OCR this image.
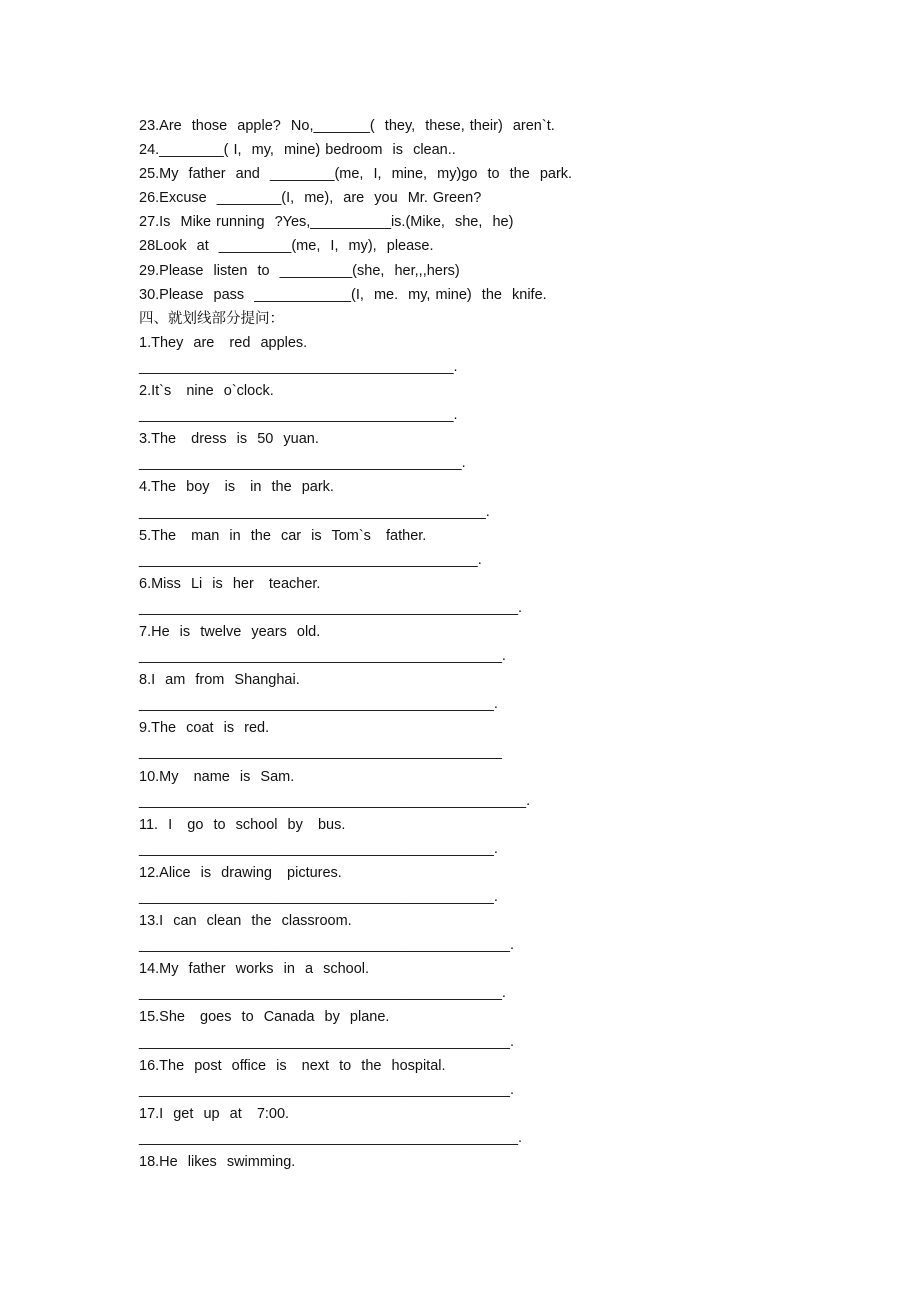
23.Are  those  apple?  No,_______(  they,  these, their)  aren`t.
24.________( I,  my,  mine) bedroom  is  clean..
25.My  father  and  ________(me,  I,  mine,  my)go  to  the  park.
26.Excuse  ________(I,  me),  are  you  Mr. Green?
27.Is  Mike running  ?Yes,__________is.(Mike,  she,  he)
28Look  at  _________(me,  I,  my),  please.
29.Please  listen  to  _________(she,  her,,,hers)
30.Please  pass  ____________(I,  me.  my, mine)  the  knife.
四、就划线部分提问：
1.They  are   red  apples.
_______________________________________.
2.It`s   nine  o`clock.
_______________________________________.
3.The   dress  is  50  yuan.
________________________________________.
4.The  boy   is   in  the  park.
___________________________________________.
5.The   man  in  the  car  is  Tom`s   father.
__________________________________________.
6.Miss  Li  is  her   teacher.
_______________________________________________.
7.He  is  twelve  years  old.
_____________________________________________.
8.I  am  from  Shanghai.
____________________________________________.
9.The  coat  is  red.
_____________________________________________
10.My   name  is  Sam.
________________________________________________.
11.  I   go  to  school  by   bus.
____________________________________________.
12.Alice  is  drawing   pictures.
____________________________________________.
13.I  can  clean  the  classroom.
______________________________________________.
14.My  father  works  in  a  school.
_____________________________________________.
15.She   goes  to  Canada  by  plane.
______________________________________________.
16.The  post  office  is   next  to  the  hospital.
______________________________________________.
17.I  get  up  at   7:00.
_______________________________________________.
18.He  likes  swimming.
